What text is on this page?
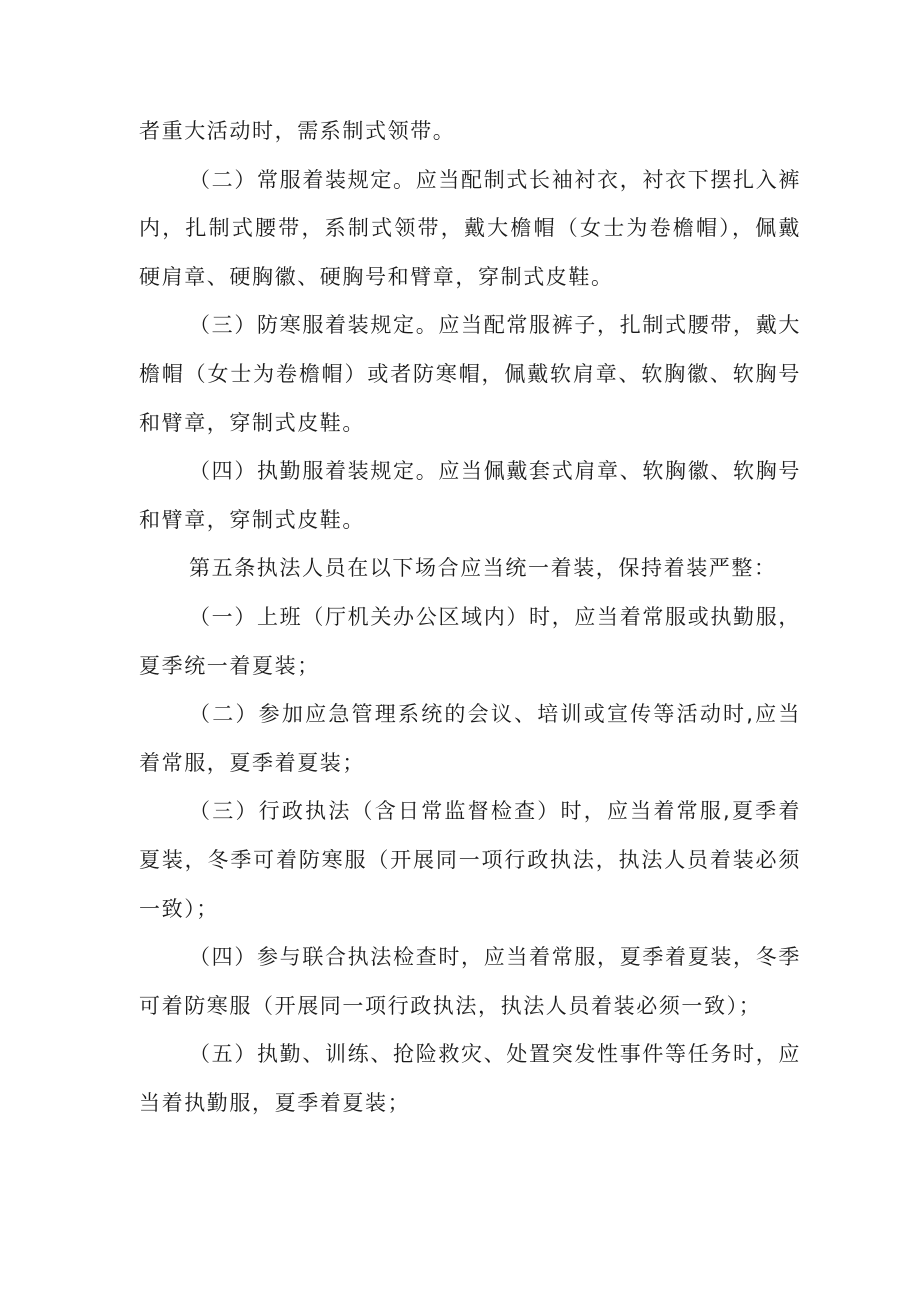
者重大活动时，需系制式领带。

（二）常服着装规定。应当配制式长袖衬衣，衬衣下摆扎入裤内，扎制式腰带，系制式领带，戴大檐帽（女士为卷檐帽），佩戴硬肩章、硬胸徽、硬胸号和臂章，穿制式皮鞋。

（三）防寒服着装规定。应当配常服裤子，扎制式腰带，戴大檐帽（女士为卷檐帽）或者防寒帽，佩戴软肩章、软胸徽、软胸号和臂章，穿制式皮鞋。

（四）执勤服着装规定。应当佩戴套式肩章、软胸徽、软胸号和臂章，穿制式皮鞋。

第五条执法人员在以下场合应当统一着装，保持着装严整：

（一）上班（厅机关办公区域内）时，应当着常服或执勤服，夏季统一着夏装；

（二）参加应急管理系统的会议、培训或宣传等活动时,应当着常服，夏季着夏装；

（三）行政执法（含日常监督检查）时，应当着常服,夏季着夏装，冬季可着防寒服（开展同一项行政执法，执法人员着装必须一致）；

（四）参与联合执法检查时，应当着常服，夏季着夏装，冬季可着防寒服（开展同一项行政执法，执法人员着装必须一致）；

（五）执勤、训练、抢险救灾、处置突发性事件等任务时，应当着执勤服，夏季着夏装；
